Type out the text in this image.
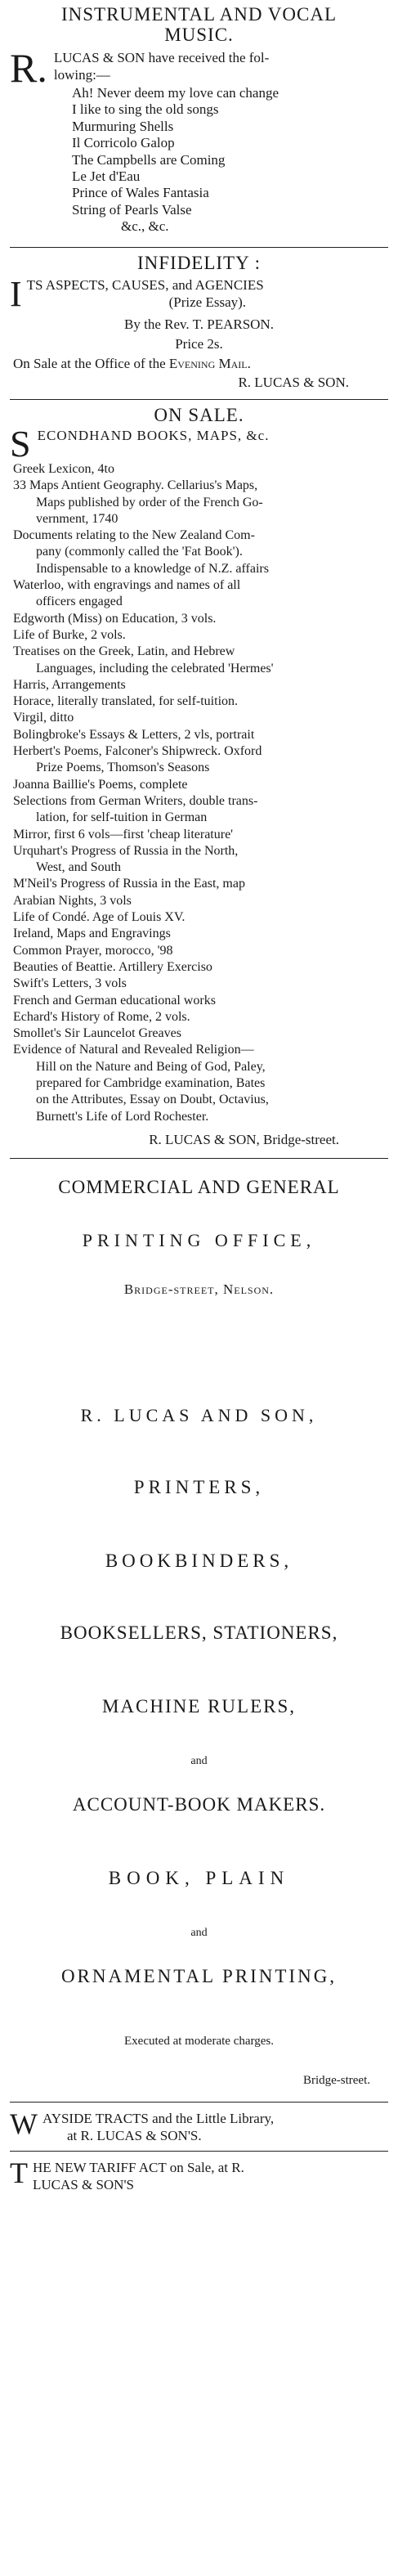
INSTRUMENTAL AND VOCAL
MUSIC.
R. LUCAS & SON have received the fol-
lowing:—
Ah! Never deem my love can change
I like to sing the old songs
Murmuring Shells
Il Corricolo Galop
The Campbells are Coming
Le Jet d'Eau
Prince of Wales Fantasia
String of Pearls Valse
&c., &c.
INFIDELITY :
I TS ASPECTS, CAUSES, and AGENCIES
(Prize Essay).
By the Rev. T. PEARSON.
Price 2s.
On Sale at the Office of the Evening Mail.
R. LUCAS & SON.
ON SALE.
S ECONDHAND BOOKS, MAPS, &c.
Greek Lexicon, 4to
33 Maps Antient Geography. Cellarius's Maps,
Maps published by order of the French Go-
vernment, 1740
Documents relating to the New Zealand Com-
pany (commonly called the 'Fat Book').
Indispensable to a knowledge of N.Z. affairs
Waterloo, with engravings and names of all
officers engaged
Edgworth (Miss) on Education, 3 vols.
Life of Burke, 2 vols.
Treatises on the Greek, Latin, and Hebrew
Languages, including the celebrated 'Hermes'
Harris, Arrangements
Horace, literally translated, for self-tuition.
Virgil, ditto
Bolingbroke's Essays & Letters, 2 vls, portrait
Herbert's Poems, Falconer's Shipwreck. Oxford
Prize Poems, Thomson's Seasons
Joanna Baillie's Poems, complete
Selections from German Writers, double trans-
lation, for self-tuition in German
Mirror, first 6 vols—first 'cheap literature'
Urquhart's Progress of Russia in the North,
West, and South
M'Neil's Progress of Russia in the East, map
Arabian Nights, 3 vols
Life of Condé. Age of Louis XV.
Ireland, Maps and Engravings
Common Prayer, morocco, '98
Beauties of Beattie. Artillery Exerciso
Swift's Letters, 3 vols
French and German educational works
Echard's History of Rome, 2 vols.
Smollet's Sir Launcelot Greaves
Evidence of Natural and Revealed Religion—
Hill on the Nature and Being of God, Paley,
prepared for Cambridge examination, Bates
on the Attributes, Essay on Doubt, Octavius,
Burnett's Life of Lord Rochester.
R. LUCAS & SON, Bridge-street.
COMMERCIAL AND GENERAL
PRINTING OFFICE,
Bridge-street, Nelson.
R. LUCAS AND SON,
PRINTERS,
BOOKBINDERS,
BOOKSELLERS, STATIONERS,
MACHINE RULERS,
and
ACCOUNT-BOOK MAKERS.
BOOK, PLAIN
and
ORNAMENTAL PRINTING,
Executed at moderate charges.
Bridge-street.
W AYSIDE TRACTS and the Little Library,
at R. LUCAS & SON'S.
T HE NEW TARIFF ACT on Sale, at R.
LUCAS & SON'S
